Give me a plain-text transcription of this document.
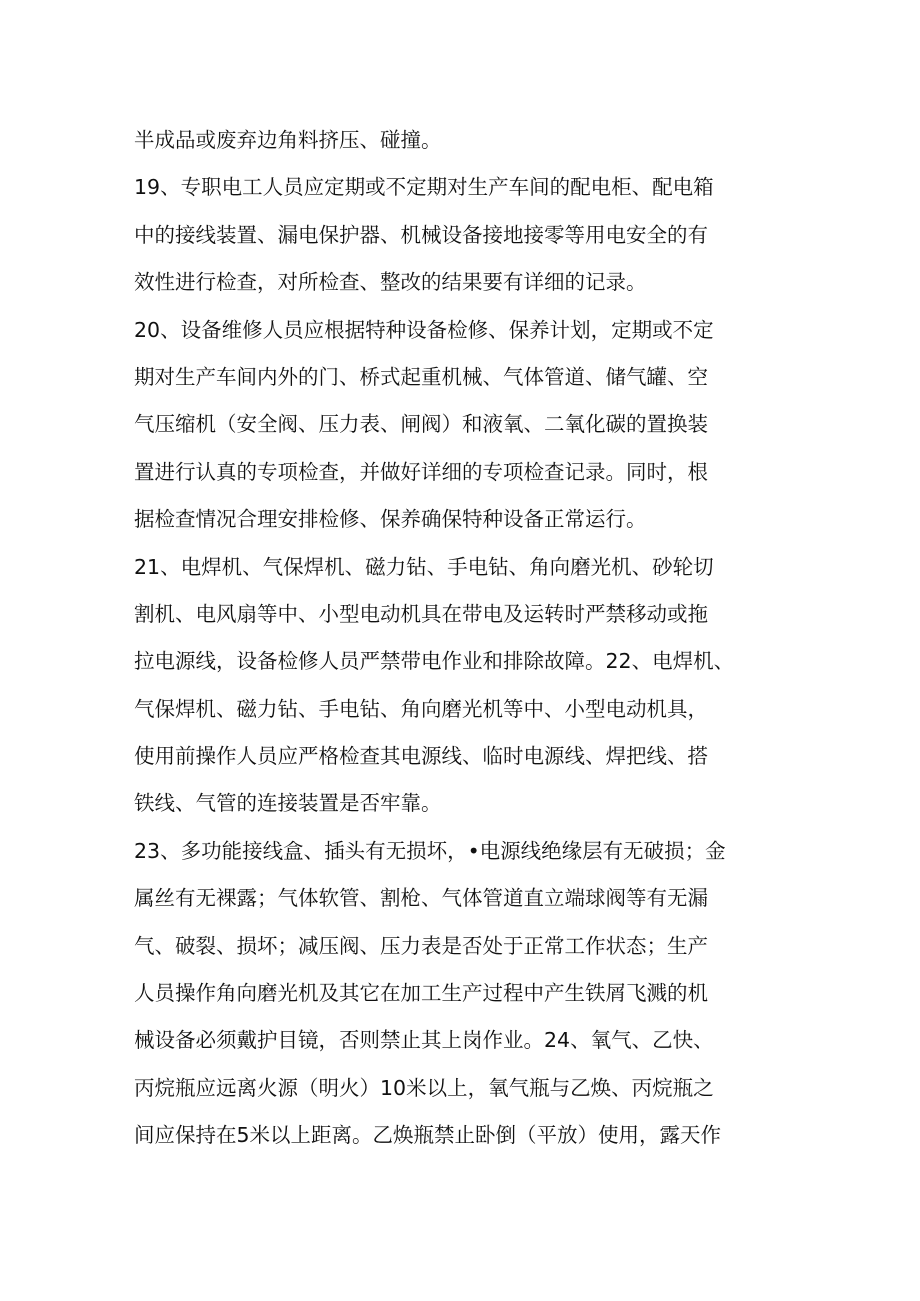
半成品或废弃边角料挤压、碰撞。
19、专职电工人员应定期或不定期对生产车间的配电柜、配电箱
中的接线装置、漏电保护器、机械设备接地接零等用电安全的有
效性进行检查，对所检查、整改的结果要有详细的记录。
20、设备维修人员应根据特种设备检修、保养计划，定期或不定
期对生产车间内外的门、桥式起重机械、气体管道、储气罐、空
气压缩机（安全阀、压力表、闸阀）和液氧、二氧化碳的置换装
置进行认真的专项检查，并做好详细的专项检查记录。同时，根
据检查情况合理安排检修、保养确保特种设备正常运行。
21、电焊机、气保焊机、磁力钻、手电钻、角向磨光机、砂轮切
割机、电风扇等中、小型电动机具在带电及运转时严禁移动或拖
拉电源线，设备检修人员严禁带电作业和排除故障。22、电焊机、
气保焊机、磁力钻、手电钻、角向磨光机等中、小型电动机具，
使用前操作人员应严格检查其电源线、临时电源线、焊把线、搭
铁线、气管的连接装置是否牢靠。
23、多功能接线盒、插头有无损坏，•电源线绝缘层有无破损；金
属丝有无裸露；气体软管、割枪、气体管道直立端球阀等有无漏
气、破裂、损坏；减压阀、压力表是否处于正常工作状态；生产
人员操作角向磨光机及其它在加工生产过程中产生铁屑飞溅的机
械设备必须戴护目镜，否则禁止其上岗作业。24、氧气、乙快、
丙烷瓶应远离火源（明火）10米以上，氧气瓶与乙焕、丙烷瓶之
间应保持在5米以上距离。乙焕瓶禁止卧倒（平放）使用，露天作
